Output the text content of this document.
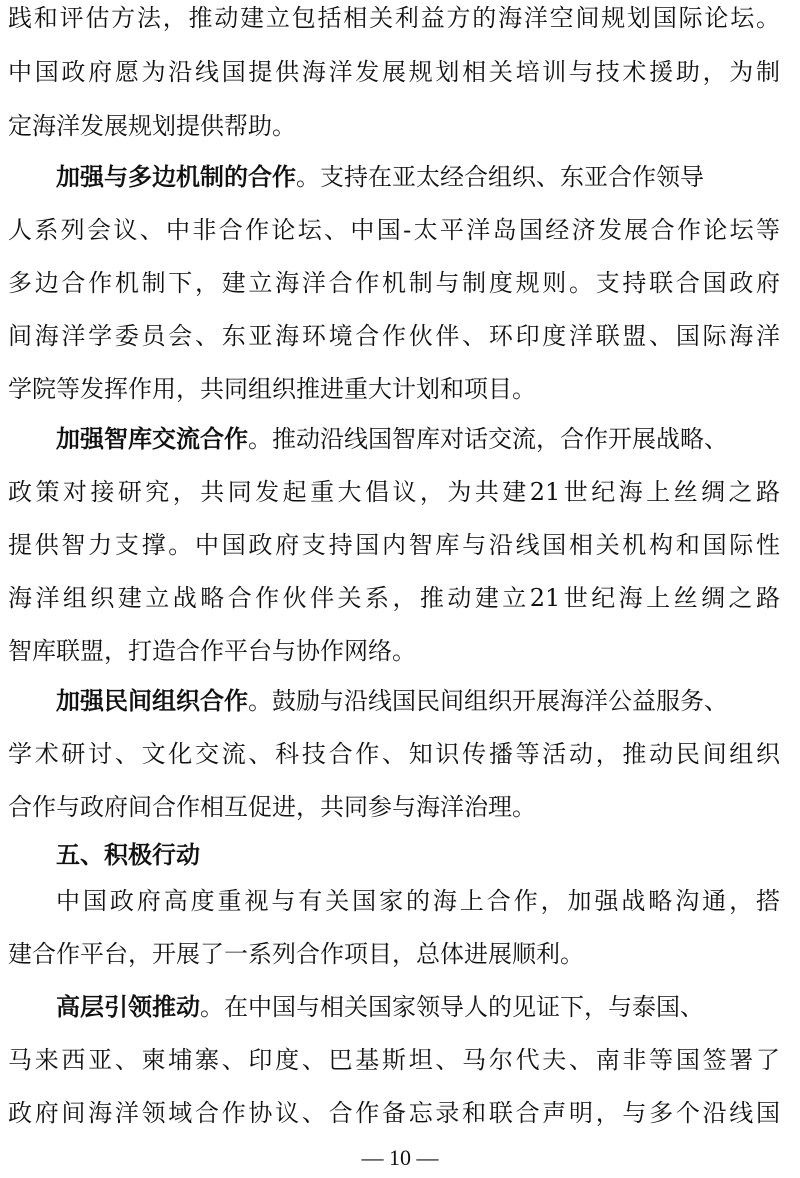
践和评估方法，推动建立包括相关利益方的海洋空间规划国际论坛。
中国政府愿为沿线国提供海洋发展规划相关培训与技术援助，为制
定海洋发展规划提供帮助。
加强与多边机制的合作。支持在亚太经合组织、东亚合作领导
人系列会议、中非合作论坛、中国-太平洋岛国经济发展合作论坛等
多边合作机制下，建立海洋合作机制与制度规则。支持联合国政府
间海洋学委员会、东亚海环境合作伙伴、环印度洋联盟、国际海洋
学院等发挥作用，共同组织推进重大计划和项目。
加强智库交流合作。推动沿线国智库对话交流，合作开展战略、
政策对接研究，共同发起重大倡议，为共建21世纪海上丝绸之路
提供智力支撑。中国政府支持国内智库与沿线国相关机构和国际性
海洋组织建立战略合作伙伴关系，推动建立21世纪海上丝绸之路
智库联盟，打造合作平台与协作网络。
加强民间组织合作。鼓励与沿线国民间组织开展海洋公益服务、
学术研讨、文化交流、科技合作、知识传播等活动，推动民间组织
合作与政府间合作相互促进，共同参与海洋治理。
五、积极行动
中国政府高度重视与有关国家的海上合作，加强战略沟通，搭
建合作平台，开展了一系列合作项目，总体进展顺利。
高层引领推动。在中国与相关国家领导人的见证下，与泰国、
马来西亚、柬埔寨、印度、巴基斯坦、马尔代夫、南非等国签署了
政府间海洋领域合作协议、合作备忘录和联合声明，与多个沿线国
— 10 —
